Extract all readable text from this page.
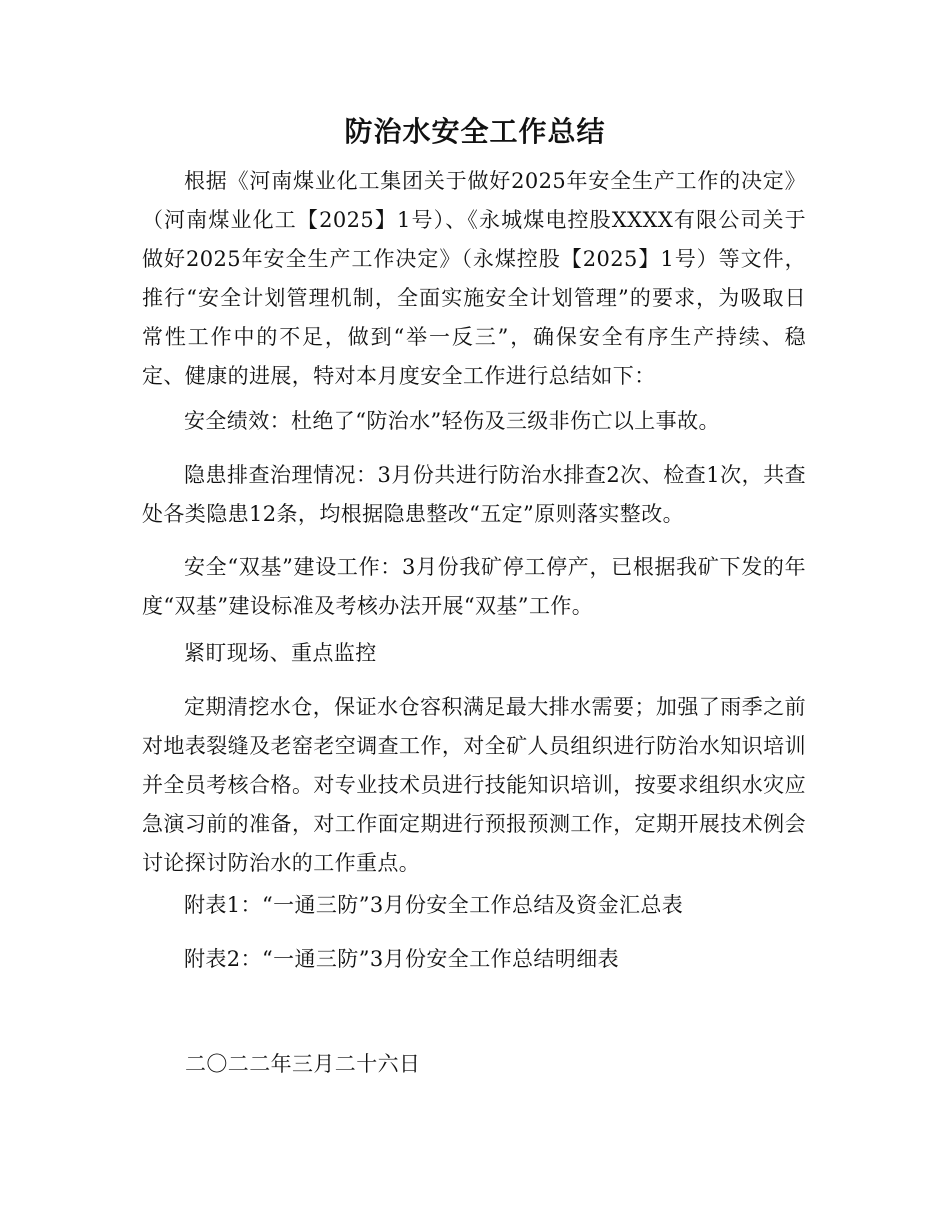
防治水安全工作总结

根据《河南煤业化工集团关于做好2025年安全生产工作的决定》（河南煤业化工【2025】1号）、《永城煤电控股XXXX有限公司关于做好2025年安全生产工作决定》（永煤控股【2025】1号）等文件，推行“安全计划管理机制，全面实施安全计划管理”的要求，为吸取日常性工作中的不足，做到“举一反三”，确保安全有序生产持续、稳定、健康的进展，特对本月度安全工作进行总结如下：

安全绩效：杜绝了“防治水”轻伤及三级非伤亡以上事故。

隐患排查治理情况：3月份共进行防治水排查2次、检查1次，共查处各类隐患12条，均根据隐患整改“五定”原则落实整改。

安全“双基”建设工作：3月份我矿停工停产，已根据我矿下发的年度“双基”建设标准及考核办法开展“双基”工作。

紧盯现场、重点监控

定期清挖水仓，保证水仓容积满足最大排水需要；加强了雨季之前对地表裂缝及老窑老空调查工作，对全矿人员组织进行防治水知识培训并全员考核合格。对专业技术员进行技能知识培训，按要求组织水灾应急演习前的准备，对工作面定期进行预报预测工作，定期开展技术例会讨论探讨防治水的工作重点。

附表1：“一通三防”3月份安全工作总结及资金汇总表

附表2：“一通三防”3月份安全工作总结明细表

二〇二二年三月二十六日
